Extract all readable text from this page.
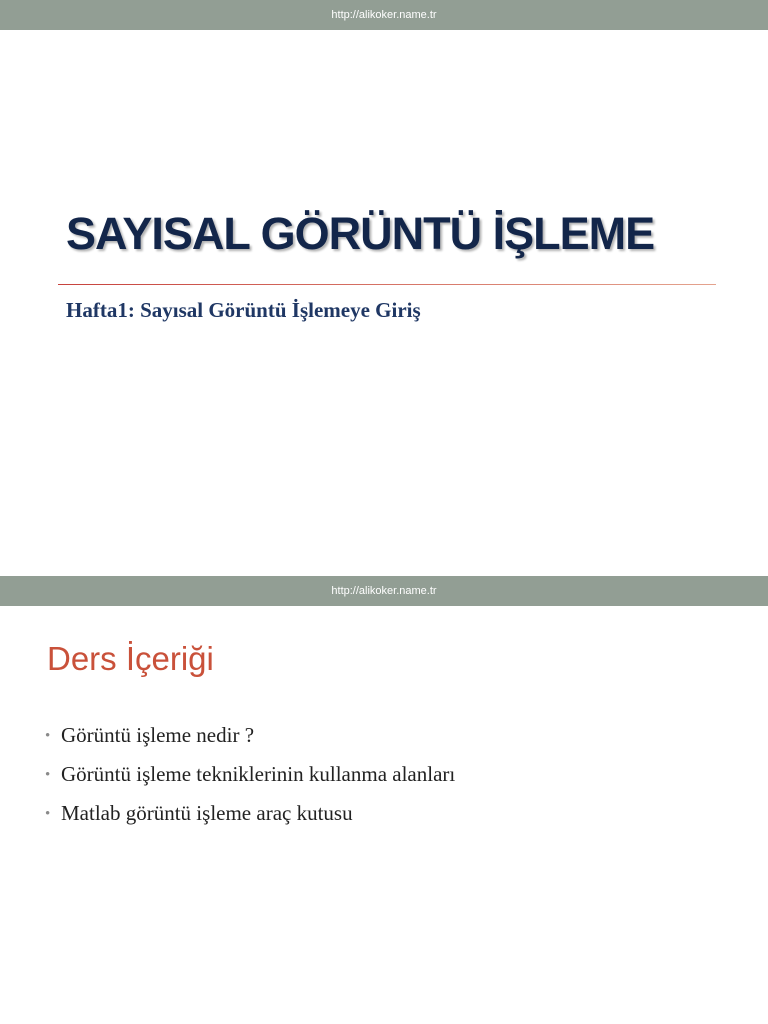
http://alikoker.name.tr
SAYISAL GÖRÜNTÜ İŞLEME
Hafta1: Sayısal Görüntü İşlemeye Giriş
http://alikoker.name.tr
Ders İçeriği
• Görüntü işleme nedir ?
• Görüntü işleme tekniklerinin kullanma alanları
• Matlab görüntü işleme araç kutusu
